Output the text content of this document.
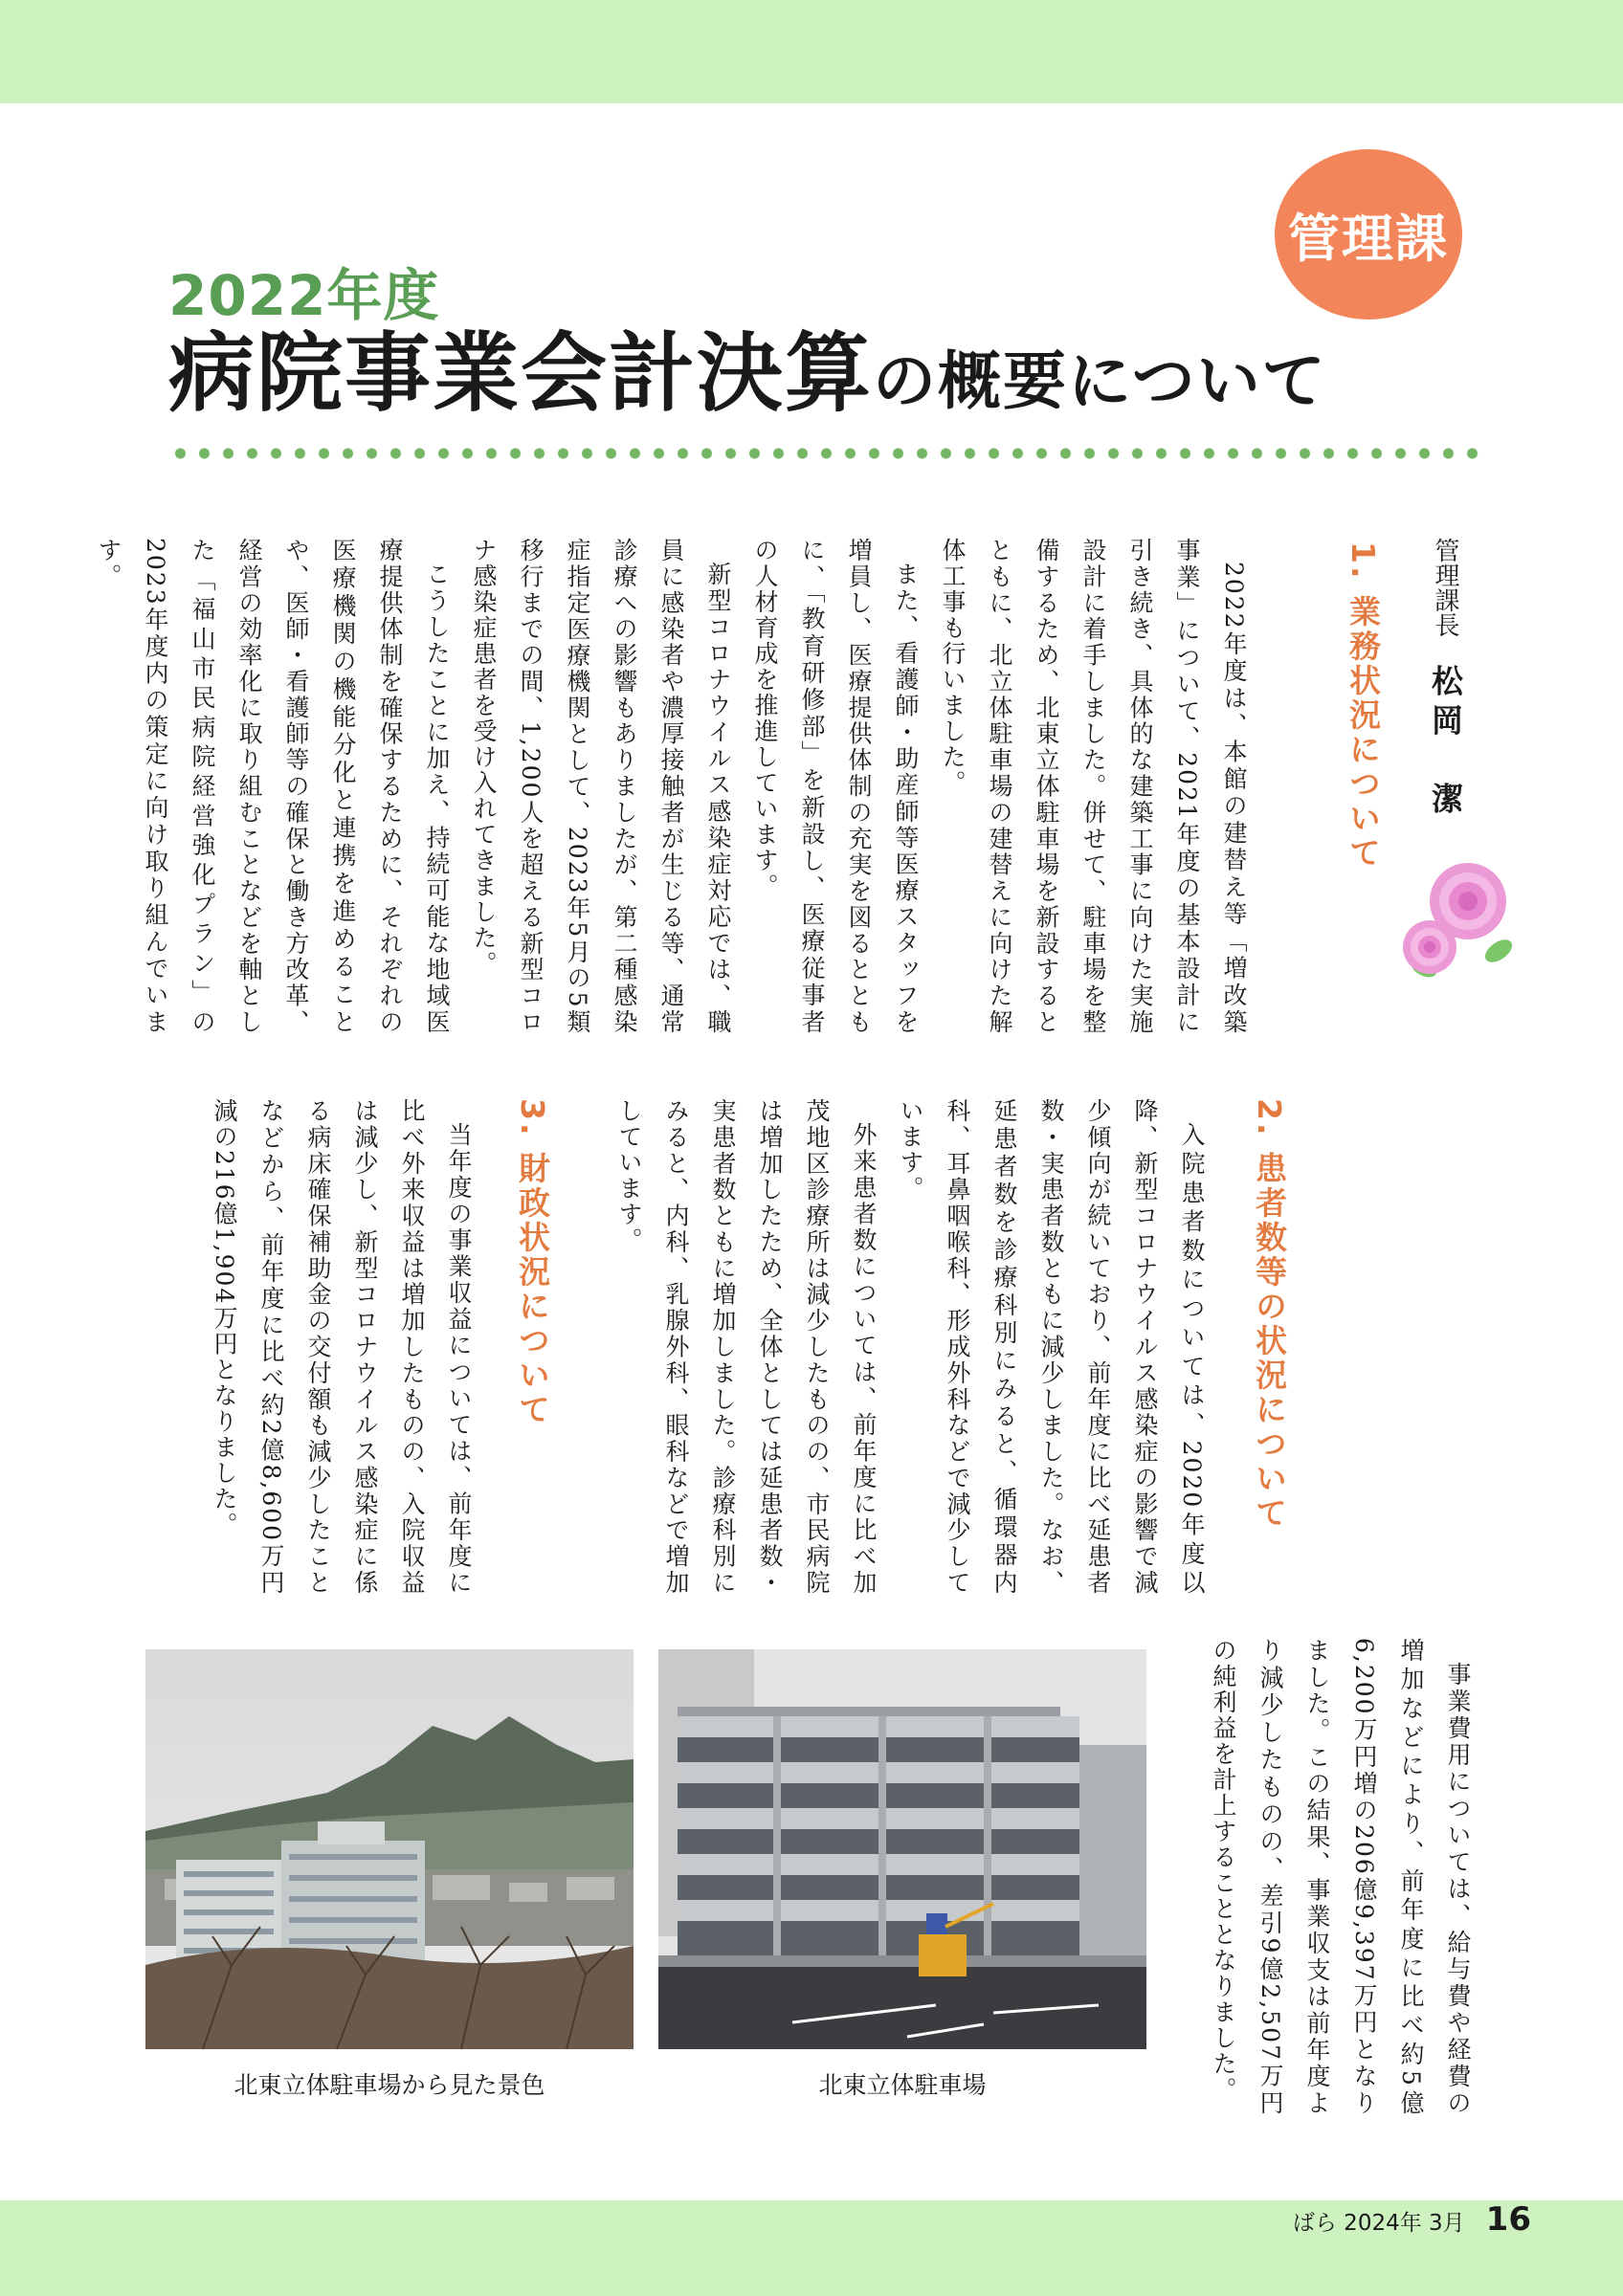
管理課
2022年度
病院事業会計決算の概要について
管理課長 松岡　潔
1. 業務状況について

2022年度は、本館の建替え等「増改築事業」について、2021年度の基本設計に引き続き、具体的な建築工事に向けた実施設計に着手しました。併せて、駐車場を整備するため、北東立体駐車場を新設するとともに、北立体駐車場の建替えに向けた解体工事も行いました。

また、看護師・助産師等医療スタッフを増員し、医療提供体制の充実を図るとともに、「教育研修部」を新設し、医療従事者の人材育成を推進しています。

新型コロナウイルス感染症対応では、職員に感染者や濃厚接触者が生じる等、通常診療への影響もありましたが、第二種感染症指定医療機関として、2023年5月の5類移行までの間、1,200人を超える新型コロナ感染症患者を受け入れてきました。

こうしたことに加え、持続可能な地域医療提供体制を確保するために、それぞれの医療機関の機能分化と連携を進めることや、医師・看護師等の確保と働き方改革、経営の効率化に取り組むことなどを軸とした「福山市民病院経営強化プラン」の2023年度内の策定に向け取り組んでいます。

2. 患者数等の状況について

入院患者数については、2020年度以降、新型コロナウイルス感染症の影響で減少傾向が続いており、前年度に比べ延患者数・実患者数ともに減少しました。なお、延患者数を診療科別にみると、循環器内科、耳鼻咽喉科、形成外科などで減少しています。

外来患者数については、前年度に比べ加茂地区診療所は減少したものの、市民病院は増加したため、全体としては延患者数・実患者数ともに増加しました。診療科別にみると、内科、乳腺外科、眼科などで増加しています。

3. 財政状況について

当年度の事業収益については、前年度に比べ外来収益は増加したものの、入院収益は減少し、新型コロナウイルス感染症に係る病床確保補助金の交付額も減少したことなどから、前年度に比べ約2億8,600万円減の216億1,904万円となりました。

事業費用については、給与費や経費の増加などにより、前年度に比べ約5億6,200万円増の206億9,397万円となりました。この結果、事業収支は前年度より減少したものの、差引9億2,507万円の純利益を計上することとなりました。

北東立体駐車場から見た景色	北東立体駐車場
ばら 2024年 3月 16
